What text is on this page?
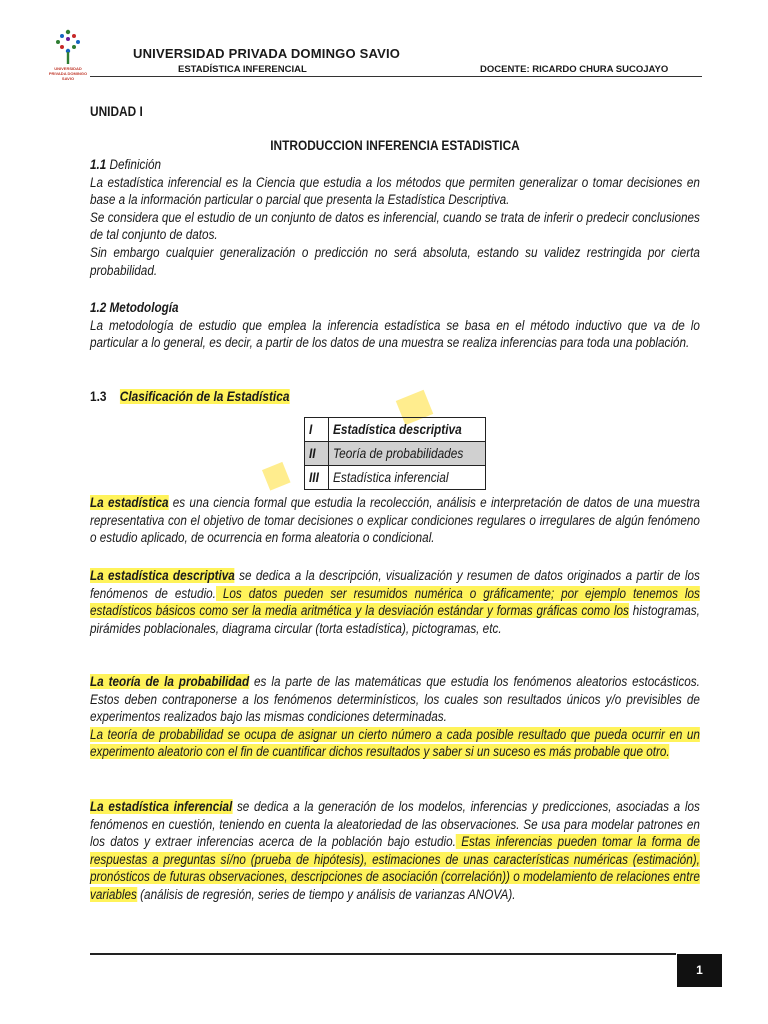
UNIVERSIDAD PRIVADA DOMINGO SAVIO
UNIVERSIDAD PRIVADA DOMINGO SAVIO
ESTADÍSTICA INFERENCIAL	DOCENTE: RICARDO CHURA SUCOJAYO
UNIDAD I
INTRODUCCION INFERENCIA ESTADISTICA
1.1 Definición
La estadística inferencial es la Ciencia que estudia a los métodos que permiten generalizar o tomar decisiones en base a la información particular o parcial que presenta la Estadística Descriptiva.
Se considera que el estudio de un conjunto de datos es inferencial, cuando se trata de inferir o predecir conclusiones de tal conjunto de datos.
Sin embargo cualquier generalización o predicción no será absoluta, estando su validez restringida por cierta probabilidad.
1.2 Metodología
La metodología de estudio que emplea la inferencia estadística se basa en el método inductivo que va de lo particular a lo general, es decir, a partir de los datos de una muestra se realiza inferencias para toda una población.
1.3 Clasificación de la Estadística
I	Estadística descriptiva
II	Teoría de probabilidades
III	Estadística inferencial
La estadística es una ciencia formal que estudia la recolección, análisis e interpretación de datos de una muestra representativa con el objetivo de tomar decisiones o explicar condiciones regulares o irregulares de algún fenómeno o estudio aplicado, de ocurrencia en forma aleatoria o condicional.
La estadística descriptiva se dedica a la descripción, visualización y resumen de datos originados a partir de los fenómenos de estudio. Los datos pueden ser resumidos numérica o gráficamente; por ejemplo tenemos los estadísticos básicos como ser la media aritmética y la desviación estándar y formas gráficas como los histogramas, pirámides poblacionales, diagrama circular (torta estadística), pictogramas, etc.
La teoría de la probabilidad es la parte de las matemáticas que estudia los fenómenos aleatorios estocásticos. Estos deben contraponerse a los fenómenos determinísticos, los cuales son resultados únicos y/o previsibles de experimentos realizados bajo las mismas condiciones determinadas.
La teoría de probabilidad se ocupa de asignar un cierto número a cada posible resultado que pueda ocurrir en un experimento aleatorio con el fin de cuantificar dichos resultados y saber si un suceso es más probable que otro.
La estadística inferencial se dedica a la generación de los modelos, inferencias y predicciones, asociadas a los fenómenos en cuestión, teniendo en cuenta la aleatoriedad de las observaciones. Se usa para modelar patrones en los datos y extraer inferencias acerca de la población bajo estudio. Estas inferencias pueden tomar la forma de respuestas a preguntas sí/no (prueba de hipótesis), estimaciones de unas características numéricas (estimación), pronósticos de futuras observaciones, descripciones de asociación (correlación)) o modelamiento de relaciones entre variables (análisis de regresión, series de tiempo y análisis de varianzas ANOVA).
1
